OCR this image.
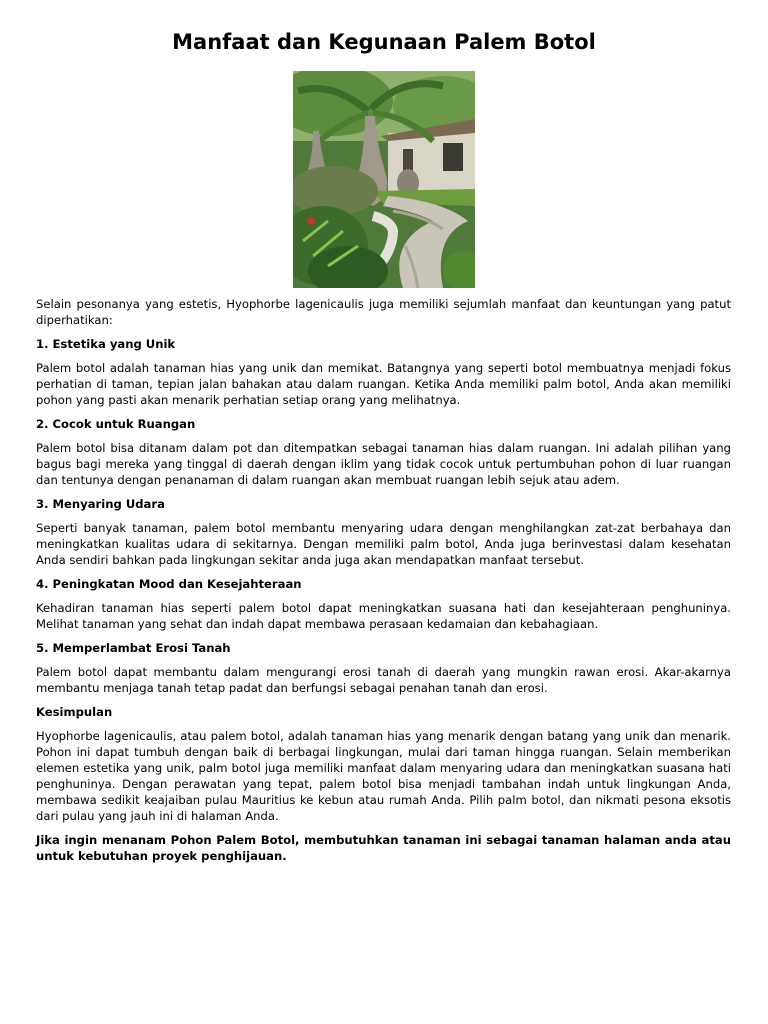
Manfaat dan Kegunaan Palem Botol

Selain pesonanya yang estetis, Hyophorbe lagenicaulis juga memiliki sejumlah manfaat dan keuntungan yang patut diperhatikan:

1. Estetika yang Unik

Palem botol adalah tanaman hias yang unik dan memikat. Batangnya yang seperti botol membuatnya menjadi fokus perhatian di taman, tepian jalan bahakan atau dalam ruangan. Ketika Anda memiliki palm botol, Anda akan memiliki pohon yang pasti akan menarik perhatian setiap orang yang melihatnya.

2. Cocok untuk Ruangan

Palem botol bisa ditanam dalam pot dan ditempatkan sebagai tanaman hias dalam ruangan. Ini adalah pilihan yang bagus bagi mereka yang tinggal di daerah dengan iklim yang tidak cocok untuk pertumbuhan pohon di luar ruangan dan tentunya dengan penanaman di dalam ruangan akan membuat ruangan lebih sejuk atau adem.

3. Menyaring Udara

Seperti banyak tanaman, palem botol membantu menyaring udara dengan menghilangkan zat-zat berbahaya dan meningkatkan kualitas udara di sekitarnya. Dengan memiliki palm botol, Anda juga berinvestasi dalam kesehatan Anda sendiri bahkan pada lingkungan sekitar anda juga akan mendapatkan manfaat tersebut.

4. Peningkatan Mood dan Kesejahteraan

Kehadiran tanaman hias seperti palem botol dapat meningkatkan suasana hati dan kesejahteraan penghuninya. Melihat tanaman yang sehat dan indah dapat membawa perasaan kedamaian dan kebahagiaan.

5. Memperlambat Erosi Tanah

Palem botol dapat membantu dalam mengurangi erosi tanah di daerah yang mungkin rawan erosi. Akar-akarnya membantu menjaga tanah tetap padat dan berfungsi sebagai penahan tanah dan erosi.

Kesimpulan

Hyophorbe lagenicaulis, atau palem botol, adalah tanaman hias yang menarik dengan batang yang unik dan menarik. Pohon ini dapat tumbuh dengan baik di berbagai lingkungan, mulai dari taman hingga ruangan. Selain memberikan elemen estetika yang unik, palm botol juga memiliki manfaat dalam menyaring udara dan meningkatkan suasana hati penghuninya. Dengan perawatan yang tepat, palem botol bisa menjadi tambahan indah untuk lingkungan Anda, membawa sedikit keajaiban pulau Mauritius ke kebun atau rumah Anda. Pilih palm botol, dan nikmati pesona eksotis dari pulau yang jauh ini di halaman Anda.

Jika ingin menanam Pohon Palem Botol, membutuhkan tanaman ini sebagai tanaman halaman anda atau untuk kebutuhan proyek penghijauan.
